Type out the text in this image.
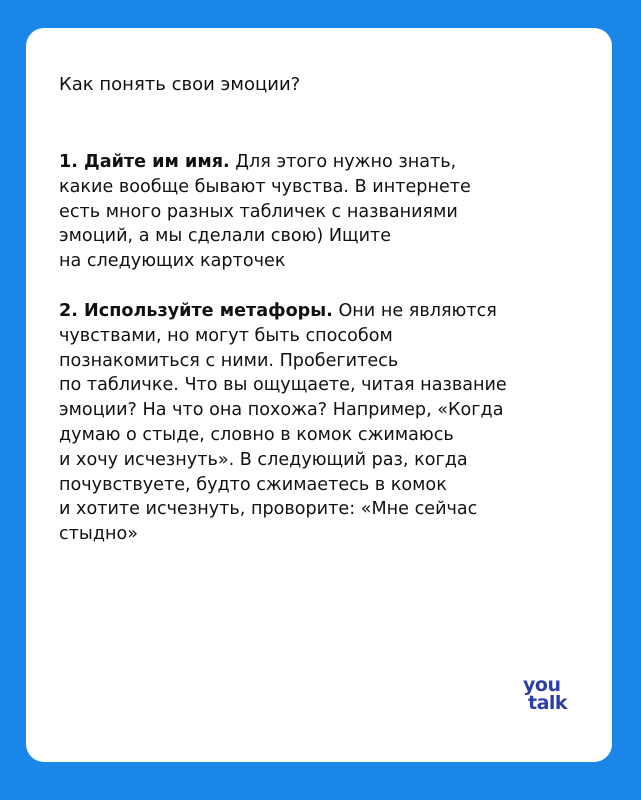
Как понять свои эмоции?

1. Дайте им имя. Для этого нужно знать,
какие вообще бывают чувства. В интернете
есть много разных табличек с названиями
эмоций, а мы сделали свою) Ищите
на следующих карточек

2. Используйте метафоры. Они не являются
чувствами, но могут быть способом
познакомиться с ними. Пробегитесь
по табличке. Что вы ощущаете, читая название
эмоции? На что она похожа? Например, «Когда
думаю о стыде, словно в комок сжимаюсь
и хочу исчезнуть». В следующий раз, когда
почувствуете, будто сжимаетесь в комок
и хотите исчезнуть, проворите: «Мне сейчас
стыдно»

you
talk
